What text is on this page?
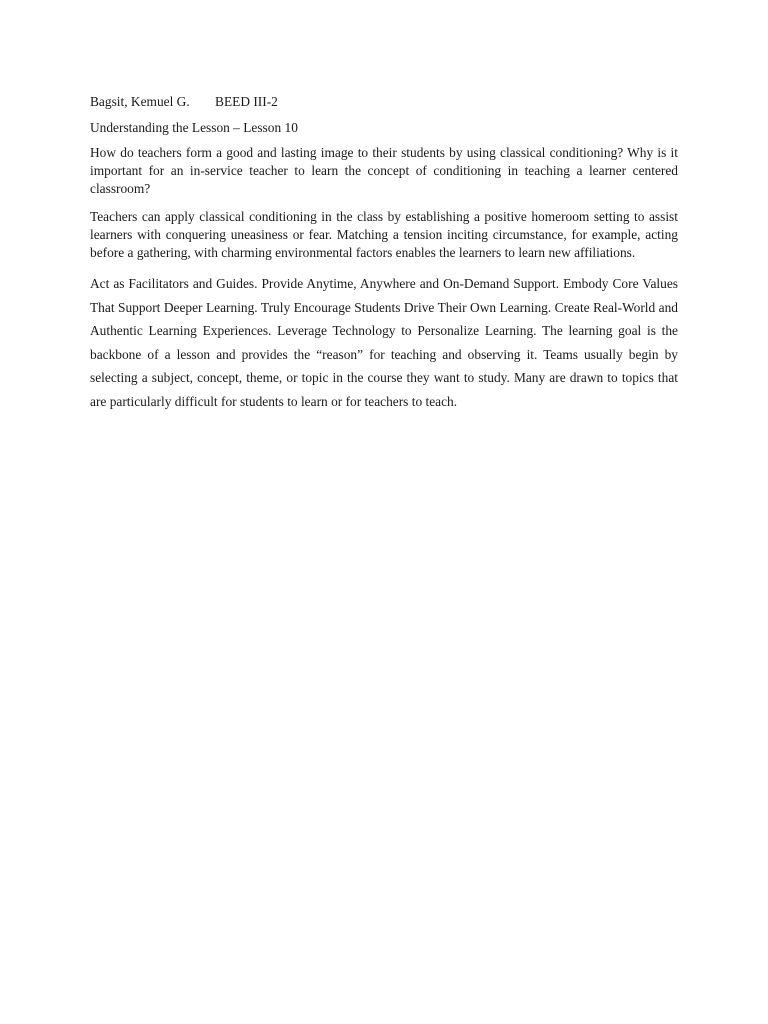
Bagsit, Kemuel G. BEED III-2

Understanding the Lesson – Lesson 10

How do teachers form a good and lasting image to their students by using classical conditioning? Why is it important for an in-service teacher to learn the concept of conditioning in teaching a learner centered classroom?

Teachers can apply classical conditioning in the class by establishing a positive homeroom setting to assist learners with conquering uneasiness or fear. Matching a tension inciting circumstance, for example, acting before a gathering, with charming environmental factors enables the learners to learn new affiliations.

Act as Facilitators and Guides. Provide Anytime, Anywhere and On-Demand Support. Embody Core Values That Support Deeper Learning. Truly Encourage Students Drive Their Own Learning. Create Real-World and Authentic Learning Experiences. Leverage Technology to Personalize Learning. The learning goal is the backbone of a lesson and provides the “reason” for teaching and observing it. Teams usually begin by selecting a subject, concept, theme, or topic in the course they want to study. Many are drawn to topics that are particularly difficult for students to learn or for teachers to teach.
